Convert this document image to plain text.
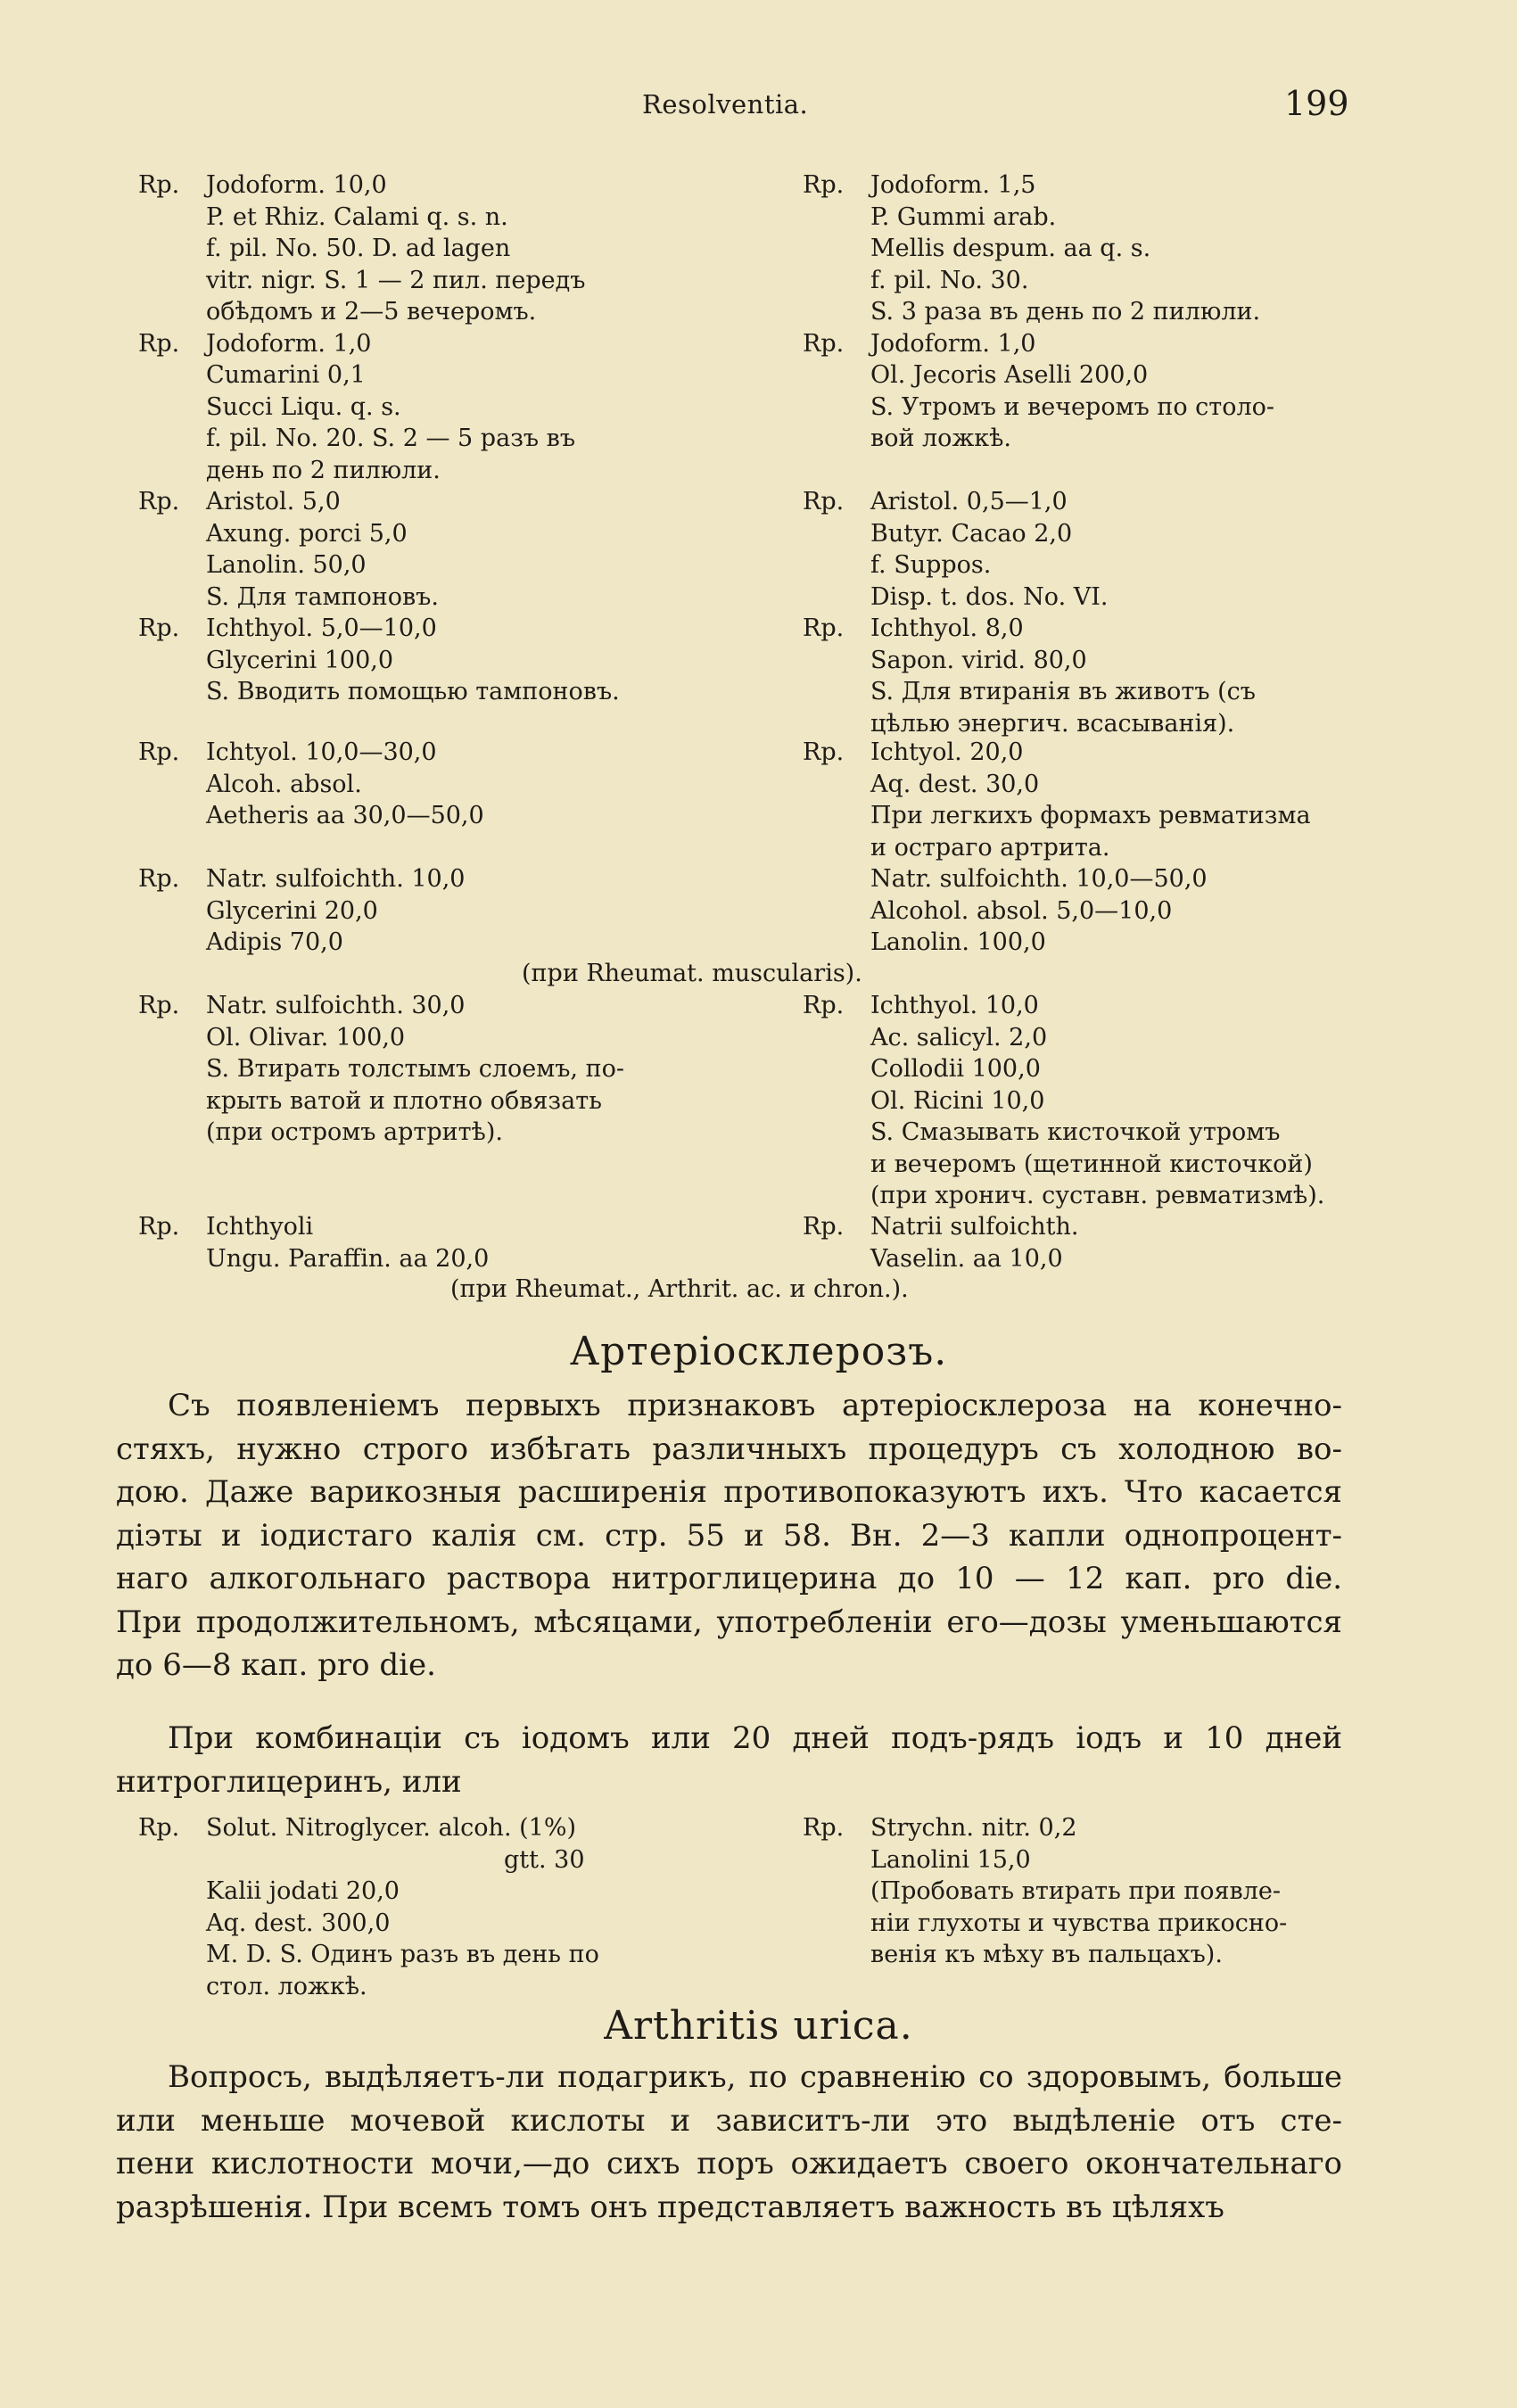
Resolventia.	199
Rp. Jodoform. 10,0
P. et Rhiz. Calami q. s. n.
f. pil. No. 50. D. ad lagen
vitr. nigr. S. 1 — 2 пил. передъ
обѣдомъ и 2—5 вечеромъ.
Rp. Jodoform. 1,0
Cumarini 0,1
Succi Liqu. q. s.
f. pil. No. 20. S. 2 — 5 разъ въ
день по 2 пилюли.
Rp. Jodoform. 1,5
P. Gummi arab.
Mellis despum. aa q. s.
f. pil. No. 30.
S. 3 раза въ день по 2 пилюли.
Rp. Jodoform. 1,0
Ol. Jecoris Aselli 200,0
S. Утромъ и вечеромъ по столо-
вой ложкѣ.
Rp. Aristol. 5,0
Axung. porci 5,0
Lanolin. 50,0
S. Для тампоновъ.
Rp. Ichthyol. 5,0—10,0
Glycerini 100,0
S. Вводить помощью тампоновъ.
Rp. Aristol. 0,5—1,0
Butyr. Cacao 2,0
f. Suppos.
Disp. t. dos. No. VI.
Rp. Ichthyol. 8,0
Sapon. virid. 80,0
S. Для втиранія въ животъ (съ
цѣлью энергич. всасыванія).
Rp. Ichtyol. 10,0—30,0
Alcoh. absol.
Aetheris aa 30,0—50,0
Rp. Ichtyol. 20,0
Aq. dest. 30,0
При легкихъ формахъ ревматизма
и остраго артрита.
Rp. Natr. sulfoichth. 10,0
Glycerini 20,0
Adipis 70,0
Natr. sulfoichth. 10,0—50,0
Alcohol. absol. 5,0—10,0
Lanolin. 100,0
(при Rheumat. muscularis).
Rp. Natr. sulfoichth. 30,0
Ol. Olivar. 100,0
S. Втирать толстымъ слоемъ, по-
крыть ватой и плотно обвязать
(при остромъ артритѣ).
Rp. Ichthyol. 10,0
Ac. salicyl. 2,0
Collodii 100,0
Ol. Ricini 10,0
S. Смазывать кисточкой утромъ
и вечеромъ (щетинной кисточкой)
(при хронич. суставн. ревматизмѣ).
Rp. Ichthyoli
Ungu. Paraffin. aa 20,0
Rp. Natrii sulfoichth.
Vaselin. aa 10,0
(при Rheumat., Arthrit. ac. и chron.).
Артеріосклерозъ.
Съ появленіемъ первыхъ признаковъ артеріосклероза на конечно-
стяхъ, нужно строго избѣгать различныхъ процедуръ съ холодною во-
дою. Даже варикозныя расширенія противопоказуютъ ихъ. Что касается
діэты и іодистаго калія см. стр. 55 и 58. Вн. 2—3 капли однопроцент-
наго алкогольнаго раствора нитроглицерина до 10 — 12 кап. pro die.
При продолжительномъ, мѣсяцами, употребленіи его—дозы уменьшаются
до 6—8 кап. pro die.
При комбинаціи съ іодомъ или 20 дней подъ-рядъ іодъ и 10 дней
нитроглицеринъ, или
Rp. Solut. Nitroglycer. alcoh. (1%)
gtt. 30
Kalii jodati 20,0
Aq. dest. 300,0
M. D. S. Одинъ разъ въ день по
стол. ложкѣ.
Rp. Strychn. nitr. 0,2
Lanolini 15,0
(Пробовать втирать при появле-
ніи глухоты и чувства прикосно-
венія къ мѣху въ пальцахъ).
Arthritis urica.
Вопросъ, выдѣляетъ-ли подагрикъ, по сравненію со здоровымъ, больше
или меньше мочевой кислоты и зависитъ-ли это выдѣленіе отъ сте-
пени кислотности мочи,—до сихъ поръ ожидаетъ своего окончательнаго
разрѣшенія. При всемъ томъ онъ представляетъ важность въ цѣляхъ
